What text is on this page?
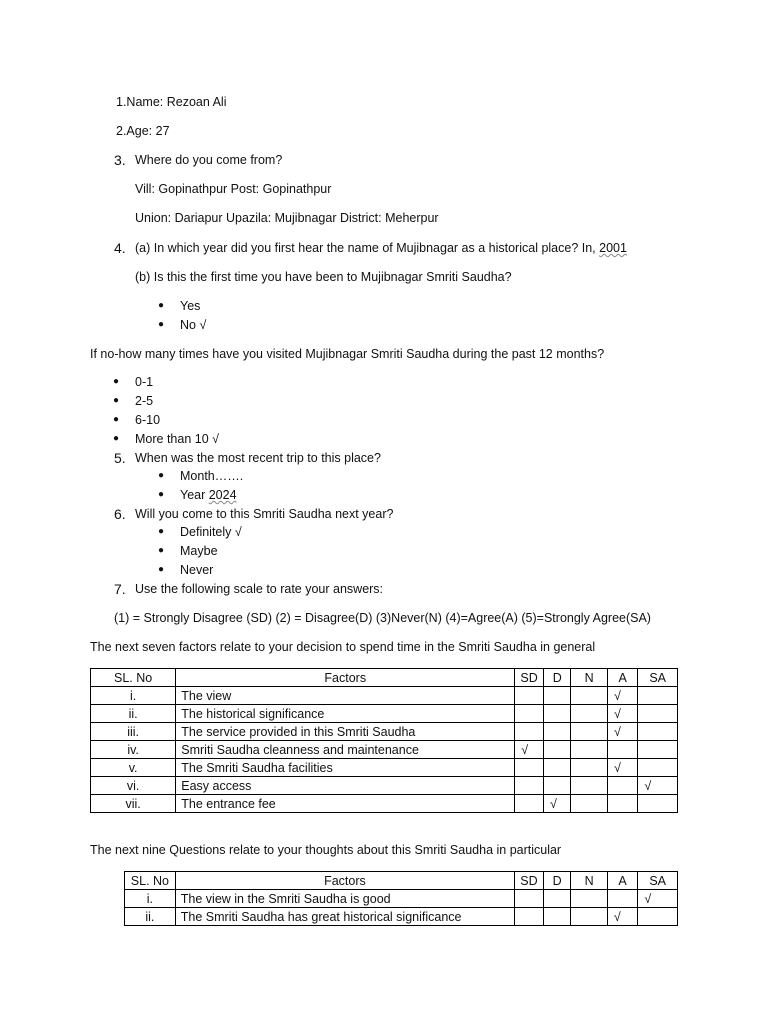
1.Name: Rezoan Ali
2.Age: 27
3. Where do you come from?
Vill: Gopinathpur Post: Gopinathpur
Union: Dariapur Upazila: Mujibnagar District: Meherpur
4. (a) In which year did you first hear the name of Mujibnagar as a historical place? In, 2001
(b) Is this the first time you have been to Mujibnagar Smriti Saudha?
● Yes
● No √
If no-how many times have you visited Mujibnagar Smriti Saudha during the past 12 months?
● 0-1
● 2-5
● 6-10
● More than 10 √
5. When was the most recent trip to this place?
● Month…….
● Year 2024
6. Will you come to this Smriti Saudha next year?
● Definitely √
● Maybe
● Never
7. Use the following scale to rate your answers:
(1) = Strongly Disagree (SD) (2) = Disagree(D) (3)Never(N) (4)=Agree(A) (5)=Strongly Agree(SA)
The next seven factors relate to your decision to spend time in the Smriti Saudha in general
SL. No	Factors	SD	D	N	A	SA
i.	The view				√	
ii.	The historical significance				√	
iii.	The service provided in this Smriti Saudha				√	
iv.	Smriti Saudha cleanness and maintenance	√				
v.	The Smriti Saudha facilities				√	
vi.	Easy access					√
vii.	The entrance fee		√			
The next nine Questions relate to your thoughts about this Smriti Saudha in particular
SL. No	Factors	SD	D	N	A	SA
i.	The view in the Smriti Saudha is good					√
ii.	The Smriti Saudha has great historical significance				√	
